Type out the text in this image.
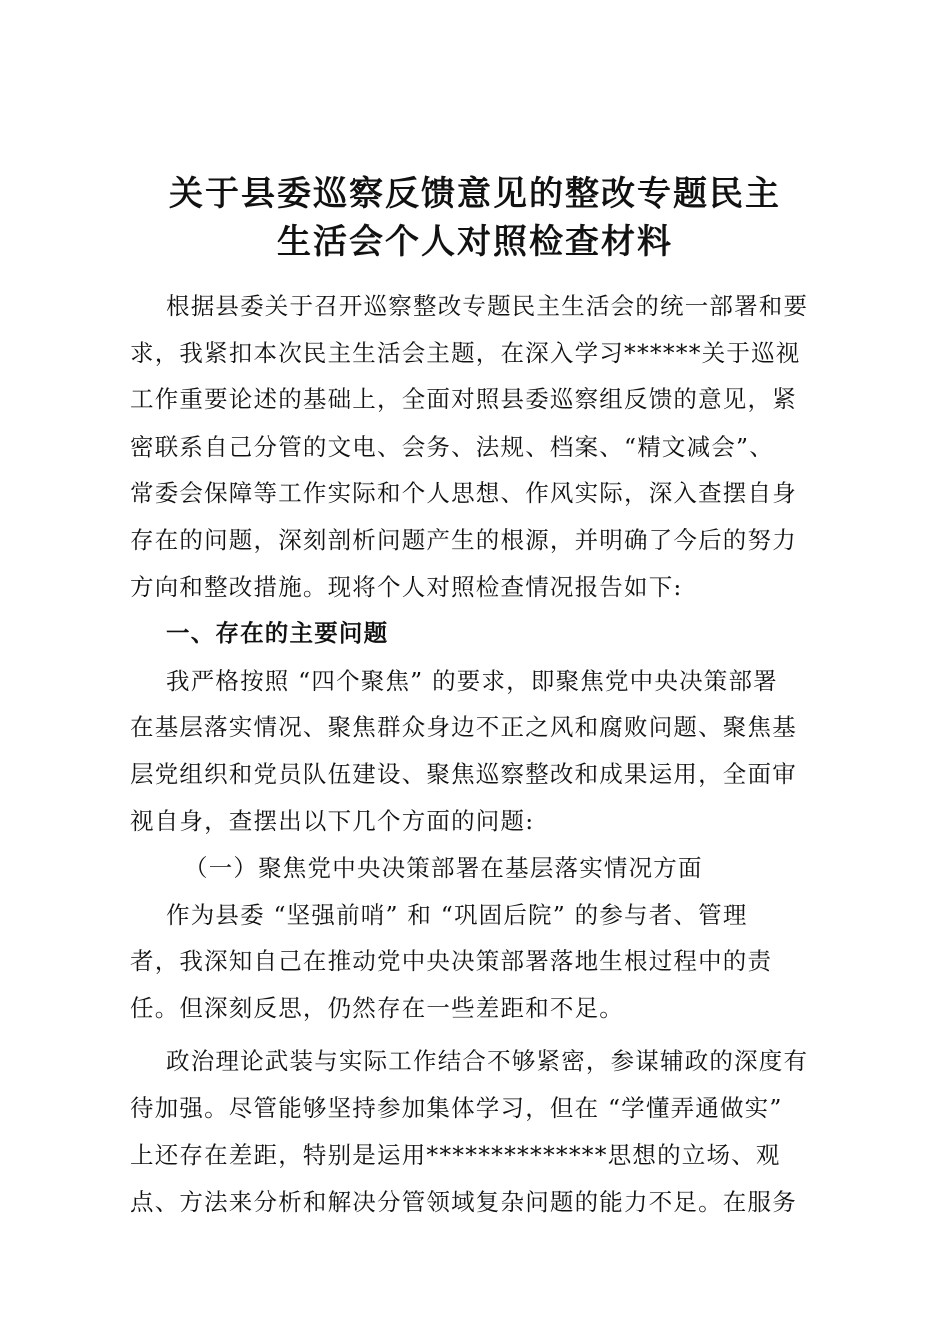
关于县委巡察反馈意见的整改专题民主
生活会个人对照检查材料
根据县委关于召开巡察整改专题民主生活会的统一部署和要
求，我紧扣本次民主生活会主题，在深入学习******关于巡视
工作重要论述的基础上，全面对照县委巡察组反馈的意见，紧
密联系自己分管的文电、会务、法规、档案、“精文减会”、
常委会保障等工作实际和个人思想、作风实际，深入查摆自身
存在的问题，深刻剖析问题产生的根源，并明确了今后的努力
方向和整改措施。现将个人对照检查情况报告如下:
一、存在的主要问题
我严格按照 “四个聚焦” 的要求，即聚焦党中央决策部署
在基层落实情况、聚焦群众身边不正之风和腐败问题、聚焦基
层党组织和党员队伍建设、聚焦巡察整改和成果运用，全面审
视自身，查摆出以下几个方面的问题:
（一）聚焦党中央决策部署在基层落实情况方面
作为县委 “坚强前哨” 和 “巩固后院” 的参与者、管理
者，我深知自己在推动党中央决策部署落地生根过程中的责
任。但深刻反思，仍然存在一些差距和不足。
政治理论武装与实际工作结合不够紧密，参谋辅政的深度有
待加强。尽管能够坚持参加集体学习，但在 “学懂弄通做实”
上还存在差距，特别是运用**************思想的立场、观
点、方法来分析和解决分管领域复杂问题的能力不足。在服务
